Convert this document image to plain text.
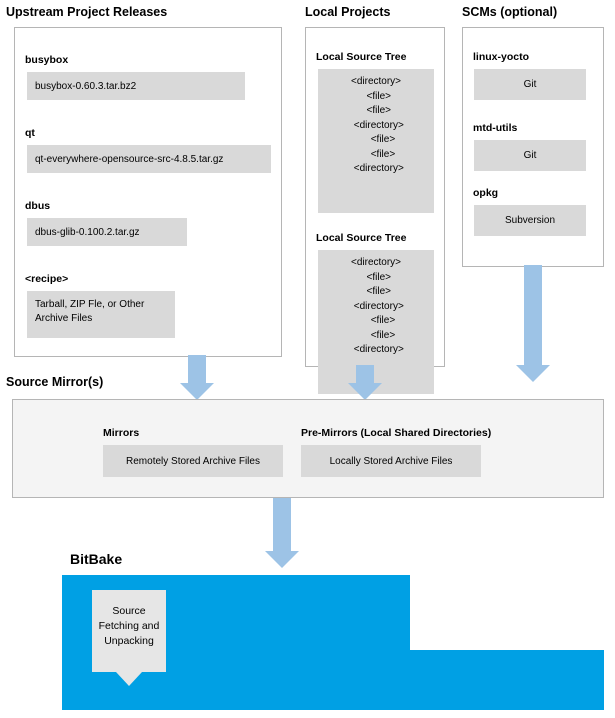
Upstream Project Releases	Local Projects	SCMs (optional)
busybox
busybox-0.60.3.tar.bz2
qt
qt-everywhere-opensource-src-4.8.5.tar.gz
dbus
dbus-glib-0.100.2.tar.gz
<recipe>
Tarball, ZIP Fle, or Other Archive Files
Local Source Tree
<directory>
<file>
<file>
<directory>
<file>
<file>
<directory>
Local Source Tree
<directory>
<file>
<file>
<directory>
<file>
<file>
<directory>
linux-yocto
Git
mtd-utils
Git
opkg
Subversion
Source Mirror(s)
Mirrors
Remotely Stored Archive Files
Pre-Mirrors (Local Shared Directories)
Locally Stored Archive Files
BitBake
Source
Fetching and
Unpacking
